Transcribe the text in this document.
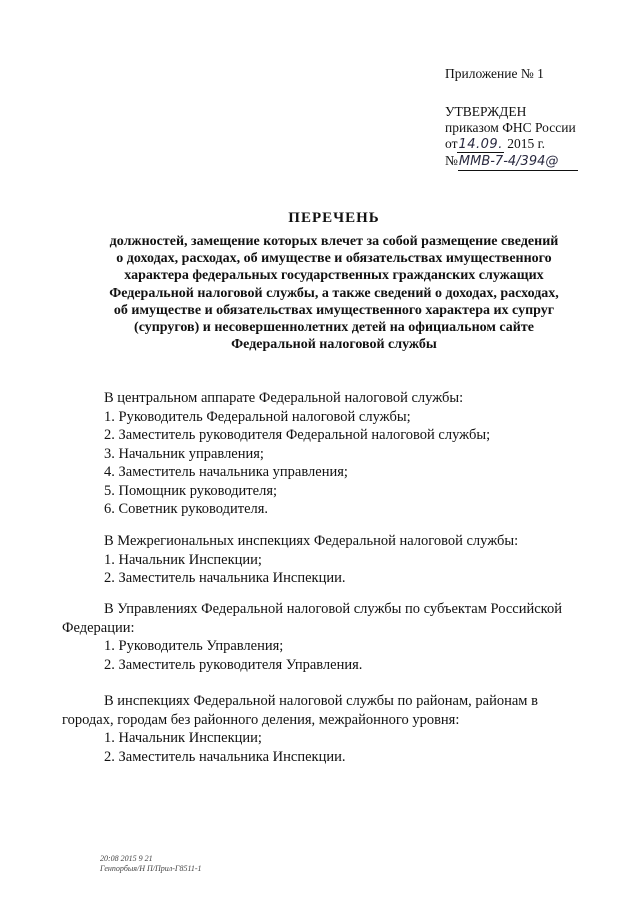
Приложение № 1
УТВЕРЖДЕН
приказом ФНС России
от14.09. 2015 г.
№ММВ-7-4/394@
ПЕРЕЧЕНЬ
должностей, замещение которых влечет за собой размещение сведений
о доходах, расходах, об имуществе и обязательствах имущественного
характера федеральных государственных гражданских служащих
Федеральной налоговой службы, а также сведений о доходах, расходах,
об имуществе и обязательствах имущественного характера их супруг
(супругов) и несовершеннолетних детей на официальном сайте
Федеральной налоговой службы
В центральном аппарате Федеральной налоговой службы:
1. Руководитель Федеральной налоговой службы;
2. Заместитель руководителя Федеральной налоговой службы;
3. Начальник управления;
4. Заместитель начальника управления;
5. Помощник руководителя;
6. Советник руководителя.
В Межрегиональных инспекциях Федеральной налоговой службы:
1. Начальник Инспекции;
2. Заместитель начальника Инспекции.
В Управлениях Федеральной налоговой службы по субъектам Российской
Федерации:
1. Руководитель Управления;
2. Заместитель руководителя Управления.
В инспекциях Федеральной налоговой службы по районам, районам в
городах, городам без районного деления, межрайонного уровня:
1. Начальник Инспекции;
2. Заместитель начальника Инспекции.
20:08 2015 9 21
Генпорбыя/Н П/Прил-Г8511-1
